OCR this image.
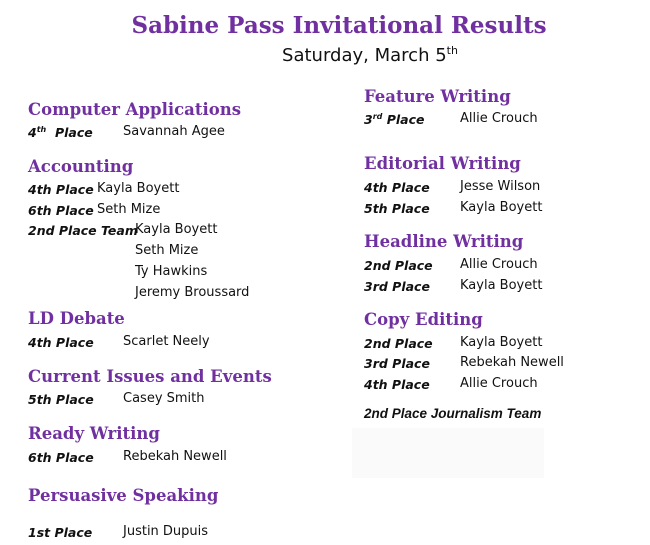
Sabine Pass Invitational Results
Saturday, March 5th
Computer Applications
4th Place Savannah Agee
Accounting
4th Place Kayla Boyett
6th Place Seth Mize
2nd Place Team
Kayla Boyett
Seth Mize
Ty Hawkins
Jeremy Broussard
LD Debate
4th Place Scarlet Neely
Current Issues and Events
5th Place Casey Smith
Ready Writing
6th Place Rebekah Newell
Persuasive Speaking
1st Place Justin Dupuis
Feature Writing
3rd Place	Allie Crouch
Editorial Writing
4th Place Jesse Wilson
5th Place Kayla Boyett
Headline Writing
2nd Place Allie Crouch
3rd Place Kayla Boyett
Copy Editing
2nd Place Kayla Boyett
3rd Place Rebekah Newell
4th Place Allie Crouch
2nd Place Journalism Team
